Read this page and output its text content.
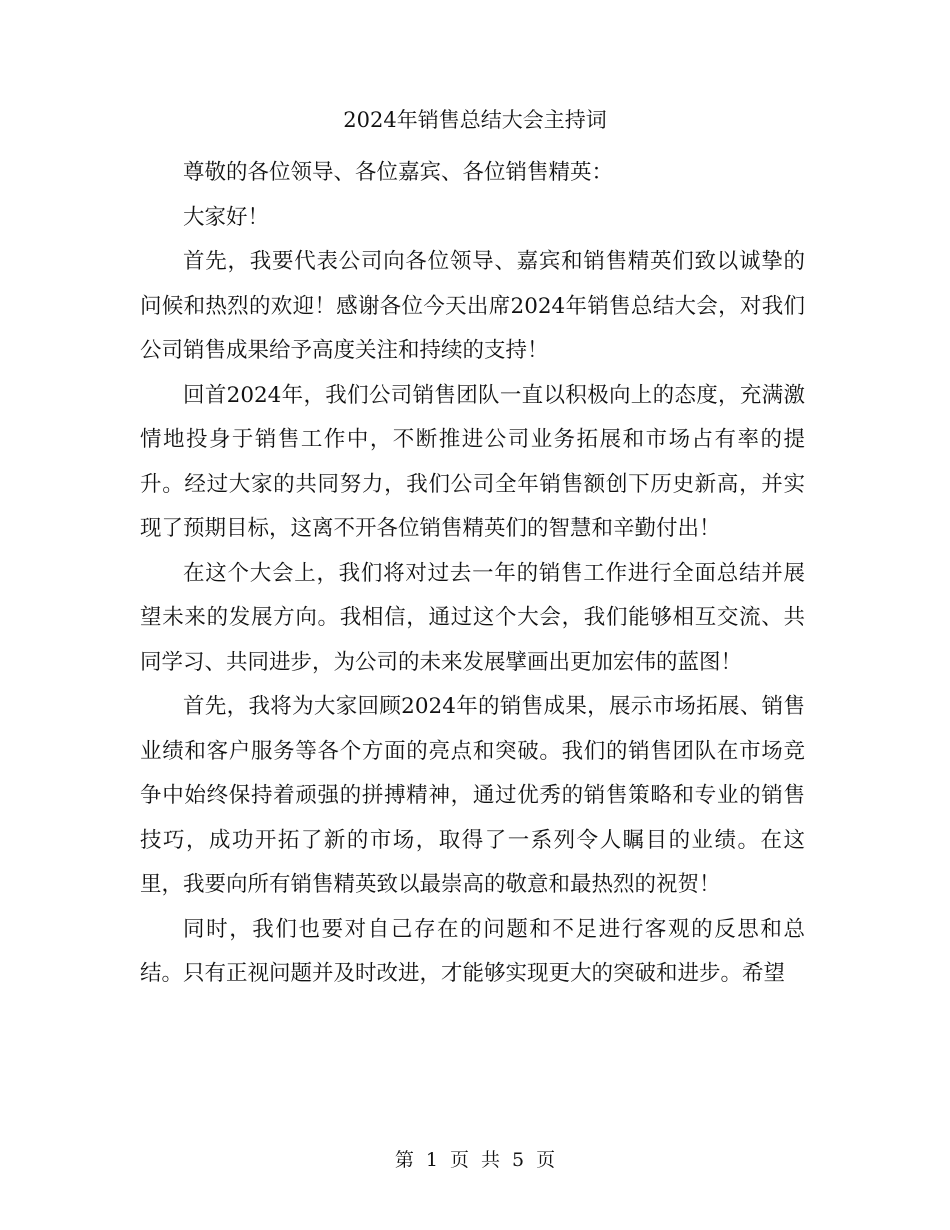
2024年销售总结大会主持词

尊敬的各位领导、各位嘉宾、各位销售精英：

大家好！

首先，我要代表公司向各位领导、嘉宾和销售精英们致以诚挚的问候和热烈的欢迎！感谢各位今天出席2024年销售总结大会，对我们公司销售成果给予高度关注和持续的支持！

回首2024年，我们公司销售团队一直以积极向上的态度，充满激情地投身于销售工作中，不断推进公司业务拓展和市场占有率的提升。经过大家的共同努力，我们公司全年销售额创下历史新高，并实现了预期目标，这离不开各位销售精英们的智慧和辛勤付出！

在这个大会上，我们将对过去一年的销售工作进行全面总结并展望未来的发展方向。我相信，通过这个大会，我们能够相互交流、共同学习、共同进步，为公司的未来发展擘画出更加宏伟的蓝图！

首先，我将为大家回顾2024年的销售成果，展示市场拓展、销售业绩和客户服务等各个方面的亮点和突破。我们的销售团队在市场竞争中始终保持着顽强的拼搏精神，通过优秀的销售策略和专业的销售技巧，成功开拓了新的市场，取得了一系列令人瞩目的业绩。在这里，我要向所有销售精英致以最崇高的敬意和最热烈的祝贺！

同时，我们也要对自己存在的问题和不足进行客观的反思和总结。只有正视问题并及时改进，才能够实现更大的突破和进步。希望

第 1 页 共 5 页
